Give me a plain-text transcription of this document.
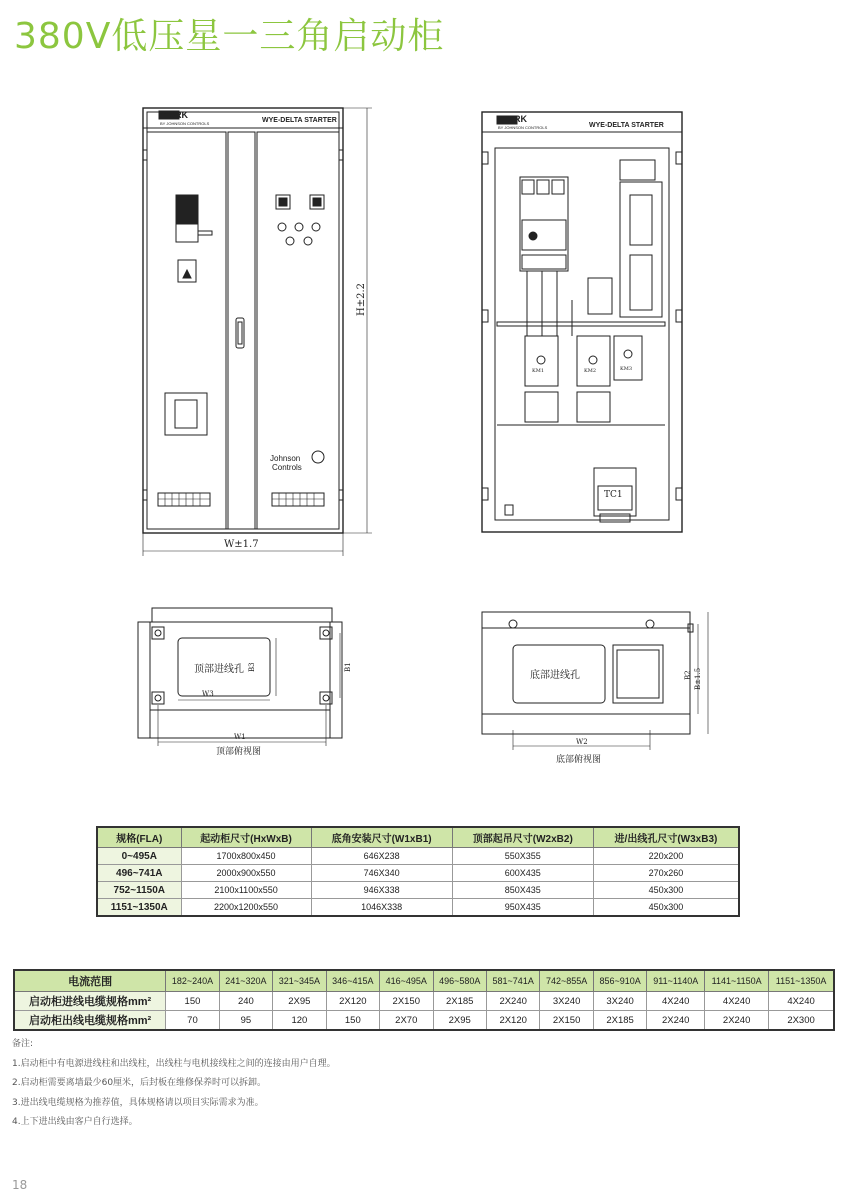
380V低压星一三角启动柜
YORK
BY JOHNSON CONTROLS	WYE-DELTA STARTER
Johnson
Controls
H±2.2
W±1.7
YORK
BY JOHNSON CONTROLS	WYE-DELTA STARTER
TC1
KM1	KM2	KM3
顶部进线孔
W3
W1
顶部俯视图
B3	B1
底部进线孔
W2
底部俯视图
B2 B±1.5
规格(FLA)	起动柜尺寸(HxWxB)	底角安装尺寸(W1xB1)	顶部起吊尺寸(W2xB2)	进/出线孔尺寸(W3xB3)
0~495A	1700x800x450	646X238	550X355	220x200
496~741A	2000x900x550	746X340	600X435	270x260
752~1150A	2100x1100x550	946X338	850X435	450x300
1151~1350A	2200x1200x550	1046X338	950X435	450x300
电流范围	182~240A	241~320A	321~345A	346~415A	416~495A	496~580A	581~741A	742~855A	856~910A	911~1140A	1141~1150A	1151~1350A
启动柜进线电缆规格mm²	150	240	2X95	2X120	2X150	2X185	2X240	3X240	3X240	4X240	4X240	4X240
启动柜出线电缆规格mm²	70	95	120	150	2X70	2X95	2X120	2X150	2X185	2X240	2X240	2X300
备注:
1.启动柜中有电源进线柱和出线柱，出线柱与电机接线柱之间的连接由用户自理。
2.启动柜需要离墙最少60厘米，后封板在维修保养时可以拆卸。
3.进出线电缆规格为推荐值，具体规格请以项目实际需求为准。
4.上下进出线由客户自行选择。
18
